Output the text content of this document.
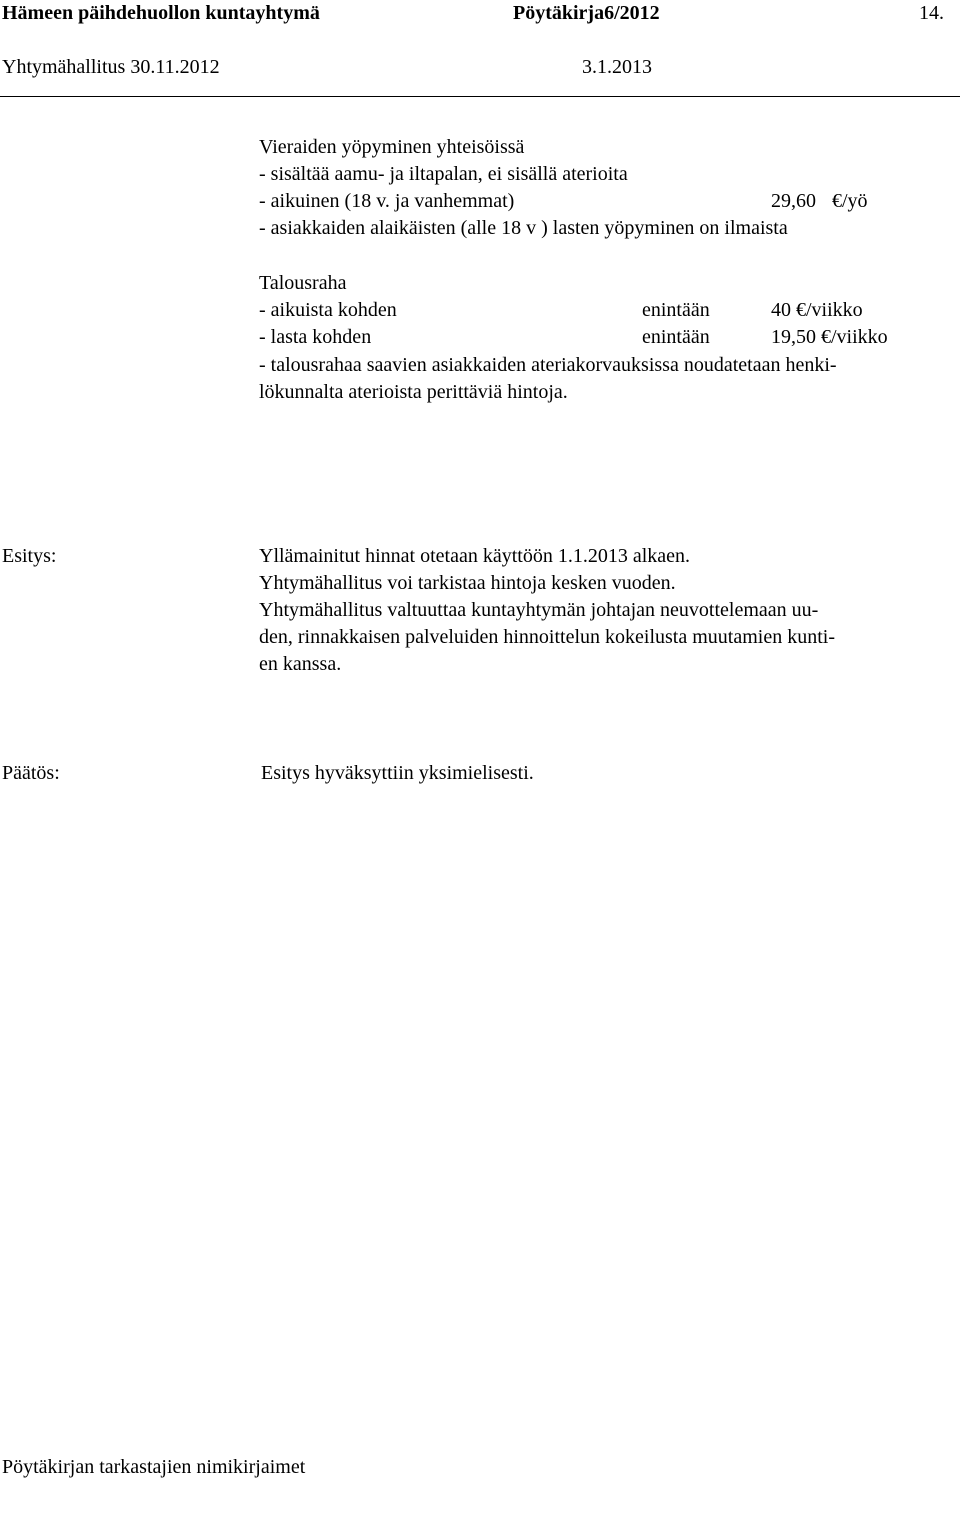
Hämeen päihdehuollon kuntayhtymä	Pöytäkirja6/2012	14.
Yhtymähallitus 30.11.2012	3.1.2013
Vieraiden yöpyminen yhteisöissä
- sisältää aamu- ja iltapalan, ei sisällä aterioita
- aikuinen (18 v. ja vanhemmat)	29,60 €/yö
- asiakkaiden alaikäisten (alle 18 v ) lasten yöpyminen on ilmaista
Talousraha
- aikuista kohden	enintään	40 €/viikko
- lasta kohden	enintään	19,50 €/viikko
- talousrahaa saavien asiakkaiden ateriakorvauksissa noudatetaan henki-
lökunnalta aterioista perittäviä hintoja.
Esitys:	Yllämainitut hinnat otetaan käyttöön 1.1.2013 alkaen.
Yhtymähallitus voi tarkistaa hintoja kesken vuoden.
Yhtymähallitus valtuuttaa kuntayhtymän johtajan neuvottelemaan uu-
den, rinnakkaisen palveluiden hinnoittelun kokeilusta muutamien kunti-
en kanssa.
Päätös:	Esitys hyväksyttiin yksimielisesti.
Pöytäkirjan tarkastajien nimikirjaimet
